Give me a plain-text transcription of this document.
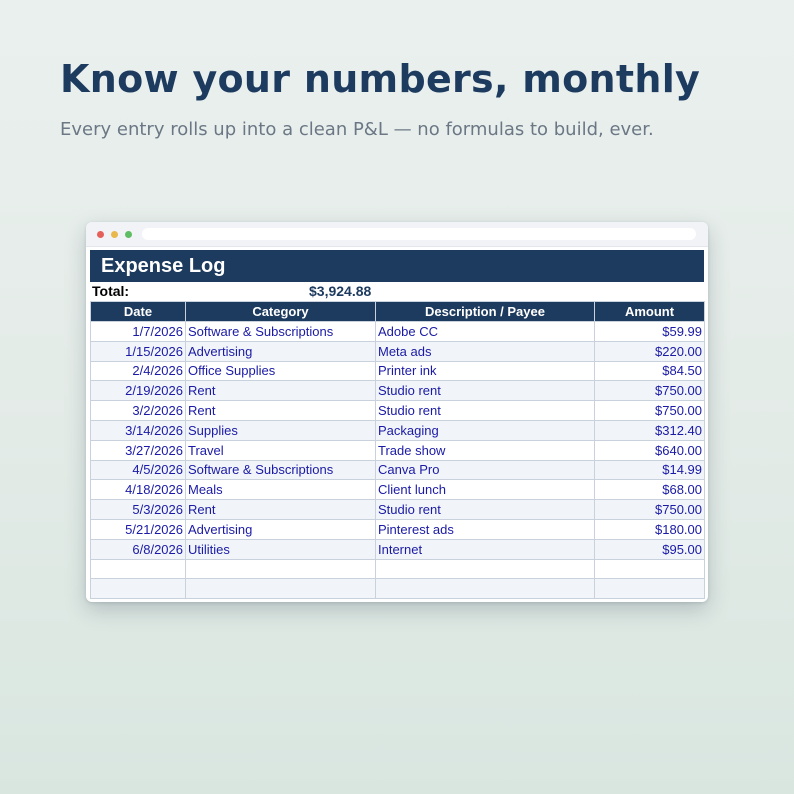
Know your numbers, monthly

Every entry rolls up into a clean P&L — no formulas to build, ever.

Expense Log
Total:	$3,924.88
Date	Category	Description / Payee	Amount
1/7/2026	Software & Subscriptions	Adobe CC	$59.99
1/15/2026	Advertising	Meta ads	$220.00
2/4/2026	Office Supplies	Printer ink	$84.50
2/19/2026	Rent	Studio rent	$750.00
3/2/2026	Rent	Studio rent	$750.00
3/14/2026	Supplies	Packaging	$312.40
3/27/2026	Travel	Trade show	$640.00
4/5/2026	Software & Subscriptions	Canva Pro	$14.99
4/18/2026	Meals	Client lunch	$68.00
5/3/2026	Rent	Studio rent	$750.00
5/21/2026	Advertising	Pinterest ads	$180.00
6/8/2026	Utilities	Internet	$95.00
